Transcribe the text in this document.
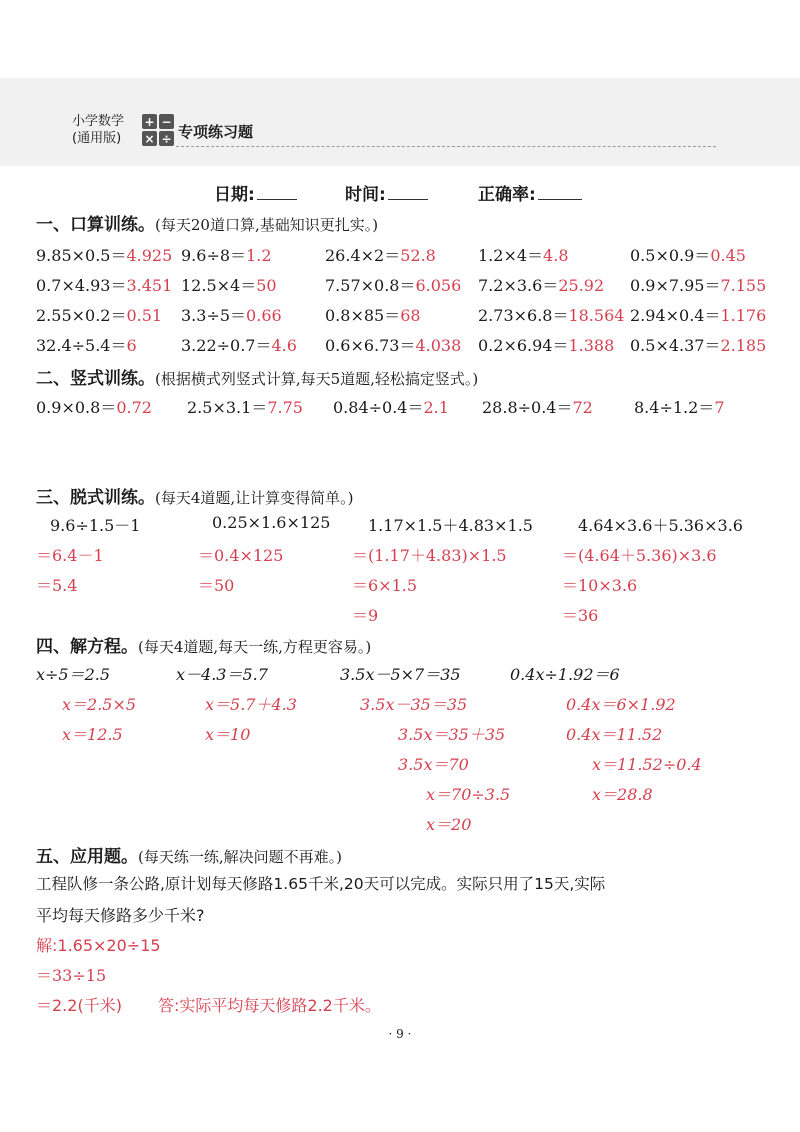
小学数学
(通用版)
+ −
× ÷ 专项练习题
日期:	时间:	正确率:
一、口算训练。(每天20道口算,基础知识更扎实。)
9.85×0.5＝4.925 9.6÷8＝1.2	26.4×2＝52.8	1.2×4＝4.8	0.5×0.9＝0.45
0.7×4.93＝3.451 12.5×4＝50	7.57×0.8＝6.056 7.2×3.6＝25.92 0.9×7.95＝7.155
2.55×0.2＝0.51 3.3÷5＝0.66	0.8×85＝68	2.73×6.8＝18.564 2.94×0.4＝1.176
32.4÷5.4＝6	3.22÷0.7＝4.6 0.6×6.73＝4.038 0.2×6.94＝1.388 0.5×4.37＝2.185
二、竖式训练。(根据横式列竖式计算,每天5道题,轻松搞定竖式。)
0.9×0.8＝0.72 2.5×3.1＝7.75 0.84÷0.4＝2.1 28.8÷0.4＝72	8.4÷1.2＝7
三、脱式训练。(每天4道题,让计算变得简单。)
9.6÷1.5－1
＝6.4－1
＝5.4
0.25×1.6×125
＝0.4×125
＝50
1.17×1.5＋4.83×1.5
＝(1.17＋4.83)×1.5
＝6×1.5
＝9
4.64×3.6＋5.36×3.6
＝(4.64＋5.36)×3.6
＝10×3.6
＝36
四、解方程。(每天4道题,每天一练,方程更容易。)
x÷5＝2.5
x＝2.5×5
x＝12.5
x－4.3＝5.7
x＝5.7＋4.3
x＝10
3.5x－5×7＝35
3.5x－35＝35
3.5x＝35＋35
3.5x＝70
x＝70÷3.5
x＝20
0.4x÷1.92＝6
0.4x＝6×1.92
0.4x＝11.52
x＝11.52÷0.4
x＝28.8
五、应用题。(每天练一练,解决问题不再难。)
工程队修一条公路,原计划每天修路1.65千米,20天可以完成。实际只用了15天,实际
平均每天修路多少千米?
解:1.65×20÷15
＝33÷15
＝2.2(千米) 答:实际平均每天修路2.2千米。
· 9 ·
